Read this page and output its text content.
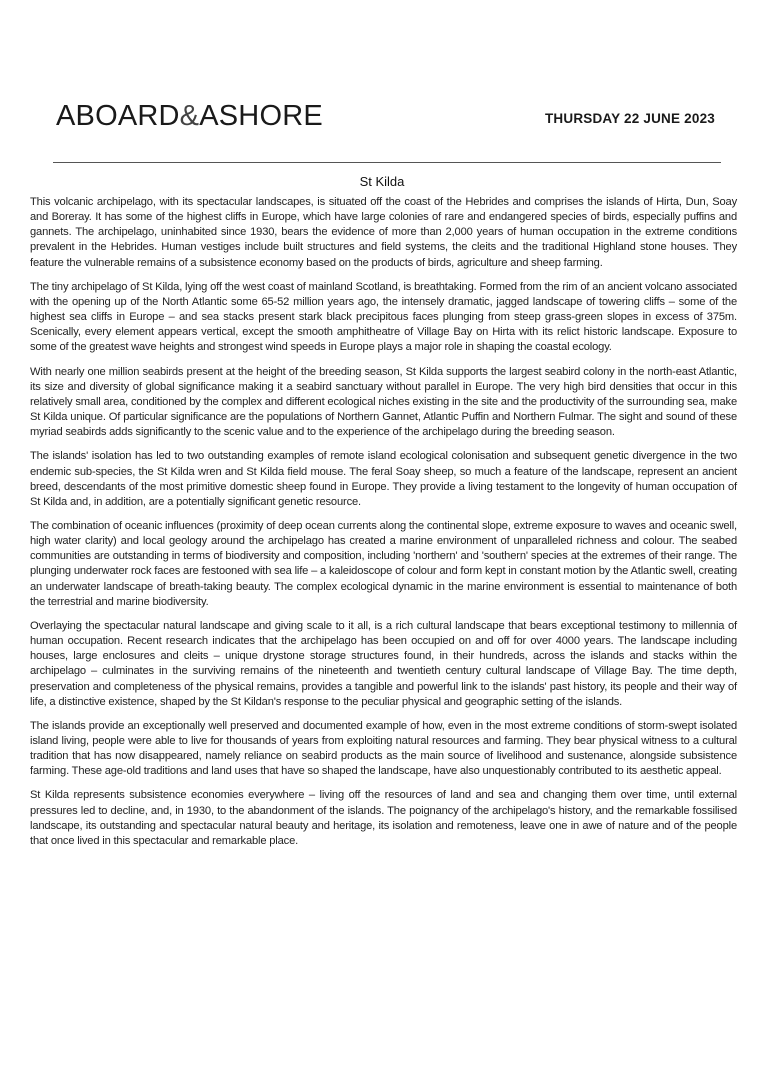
ABOARD&ASHORE	THURSDAY 22 JUNE 2023
St Kilda

This volcanic archipelago, with its spectacular landscapes, is situated off the coast of the Hebrides and comprises the islands of Hirta, Dun, Soay and Boreray. It has some of the highest cliffs in Europe, which have large colonies of rare and endangered species of birds, especially puffins and gannets. The archipelago, uninhabited since 1930, bears the evidence of more than 2,000 years of human occupation in the extreme conditions prevalent in the Hebrides. Human vestiges include built structures and field systems, the cleits and the traditional Highland stone houses. They feature the vulnerable remains of a subsistence economy based on the products of birds, agriculture and sheep farming.

The tiny archipelago of St Kilda, lying off the west coast of mainland Scotland, is breathtaking. Formed from the rim of an ancient volcano associated with the opening up of the North Atlantic some 65-52 million years ago, the intensely dramatic, jagged landscape of towering cliffs – some of the highest sea cliffs in Europe – and sea stacks present stark black precipitous faces plunging from steep grass-green slopes in excess of 375m. Scenically, every element appears vertical, except the smooth amphitheatre of Village Bay on Hirta with its relict historic landscape. Exposure to some of the greatest wave heights and strongest wind speeds in Europe plays a major role in shaping the coastal ecology.

With nearly one million seabirds present at the height of the breeding season, St Kilda supports the largest seabird colony in the north-east Atlantic, its size and diversity of global significance making it a seabird sanctuary without parallel in Europe. The very high bird densities that occur in this relatively small area, conditioned by the complex and different ecological niches existing in the site and the productivity of the surrounding sea, make St Kilda unique. Of particular significance are the populations of Northern Gannet, Atlantic Puffin and Northern Fulmar. The sight and sound of these myriad seabirds adds significantly to the scenic value and to the experience of the archipelago during the breeding season.

The islands' isolation has led to two outstanding examples of remote island ecological colonisation and subsequent genetic divergence in the two endemic sub-species, the St Kilda wren and St Kilda field mouse. The feral Soay sheep, so much a feature of the landscape, represent an ancient breed, descendants of the most primitive domestic sheep found in Europe. They provide a living testament to the longevity of human occupation of St Kilda and, in addition, are a potentially significant genetic resource.

The combination of oceanic influences (proximity of deep ocean currents along the continental slope, extreme exposure to waves and oceanic swell, high water clarity) and local geology around the archipelago has created a marine environment of unparalleled richness and colour. The seabed communities are outstanding in terms of biodiversity and composition, including 'northern' and 'southern' species at the extremes of their range. The plunging underwater rock faces are festooned with sea life – a kaleidoscope of colour and form kept in constant motion by the Atlantic swell, creating an underwater landscape of breath-taking beauty. The complex ecological dynamic in the marine environment is essential to maintenance of both the terrestrial and marine biodiversity.

Overlaying the spectacular natural landscape and giving scale to it all, is a rich cultural landscape that bears exceptional testimony to millennia of human occupation. Recent research indicates that the archipelago has been occupied on and off for over 4000 years. The landscape including houses, large enclosures and cleits – unique drystone storage structures found, in their hundreds, across the islands and stacks within the archipelago – culminates in the surviving remains of the nineteenth and twentieth century cultural landscape of Village Bay. The time depth, preservation and completeness of the physical remains, provides a tangible and powerful link to the islands' past history, its people and their way of life, a distinctive existence, shaped by the St Kildan's response to the peculiar physical and geographic setting of the islands.

The islands provide an exceptionally well preserved and documented example of how, even in the most extreme conditions of storm-swept isolated island living, people were able to live for thousands of years from exploiting natural resources and farming. They bear physical witness to a cultural tradition that has now disappeared, namely reliance on seabird products as the main source of livelihood and sustenance, alongside subsistence farming. These age-old traditions and land uses that have so shaped the landscape, have also unquestionably contributed to its aesthetic appeal.

St Kilda represents subsistence economies everywhere – living off the resources of land and sea and changing them over time, until external pressures led to decline, and, in 1930, to the abandonment of the islands. The poignancy of the archipelago's history, and the remarkable fossilised landscape, its outstanding and spectacular natural beauty and heritage, its isolation and remoteness, leave one in awe of nature and of the people that once lived in this spectacular and remarkable place.
